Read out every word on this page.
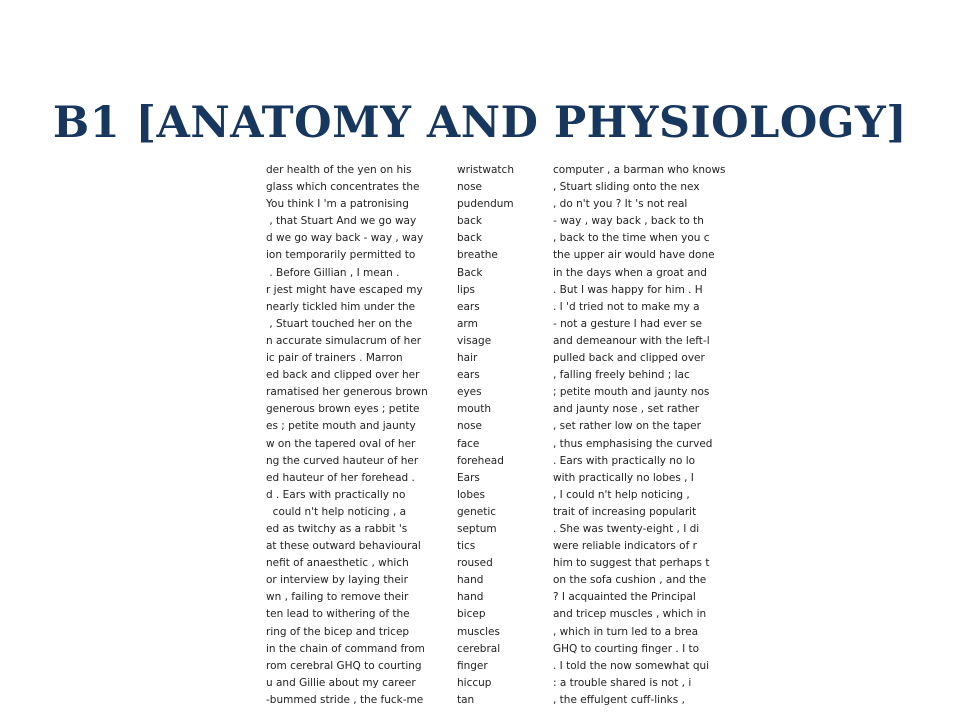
B1 [ANATOMY AND PHYSIOLOGY]
der health of the yen on his	wristwatch	computer , a barman who knows
glass which concentrates the	nose	, Stuart sliding onto the nex
You think I 'm a patronising	pudendum	, do n't you ? It 's not real
, that Stuart And we go way	back	- way , way back , back to th
d we go way back - way , way	back	, back to the time when you c
ion temporarily permitted to	breathe	the upper air would have done
. Before Gillian , I mean .	Back	in the days when a groat and
r jest might have escaped my	lips	. But I was happy for him . H
nearly tickled him under the	ears	. I 'd tried not to make my a
, Stuart touched her on the	arm	- not a gesture I had ever se
n accurate simulacrum of her	visage	and demeanour with the left-l
ic pair of trainers . Marron	hair	pulled back and clipped over
ed back and clipped over her	ears	, falling freely behind ; lac
ramatised her generous brown	eyes	; petite mouth and jaunty nos
generous brown eyes ; petite	mouth	and jaunty nose , set rather
es ; petite mouth and jaunty	nose	, set rather low on the taper
w on the tapered oval of her	face	, thus emphasising the curved
ng the curved hauteur of her	forehead	. Ears with practically no lo
ed hauteur of her forehead .	Ears	with practically no lobes , I
d . Ears with practically no	lobes	, I could n't help noticing ,
could n't help noticing , a	genetic	trait of increasing popularit
ed as twitchy as a rabbit 's	septum	. She was twenty-eight , I di
at these outward behavioural	tics	were reliable indicators of r
nefit of anaesthetic , which	roused	him to suggest that perhaps t
or interview by laying their	hand	on the sofa cushion , and the
wn , failing to remove their	hand	? I acquainted the Principal
ten lead to withering of the	bicep	and tricep muscles , which in
ring of the bicep and tricep	muscles	, which in turn led to a brea
in the chain of command from	cerebral	GHQ to courting finger . I to
rom cerebral GHQ to courting	finger	. I told the now somewhat qui
u and Gillie about my career	hiccup	: a trouble shared is not , i
-bummed stride , the fuck-me	tan	, the effulgent cuff-links ,
